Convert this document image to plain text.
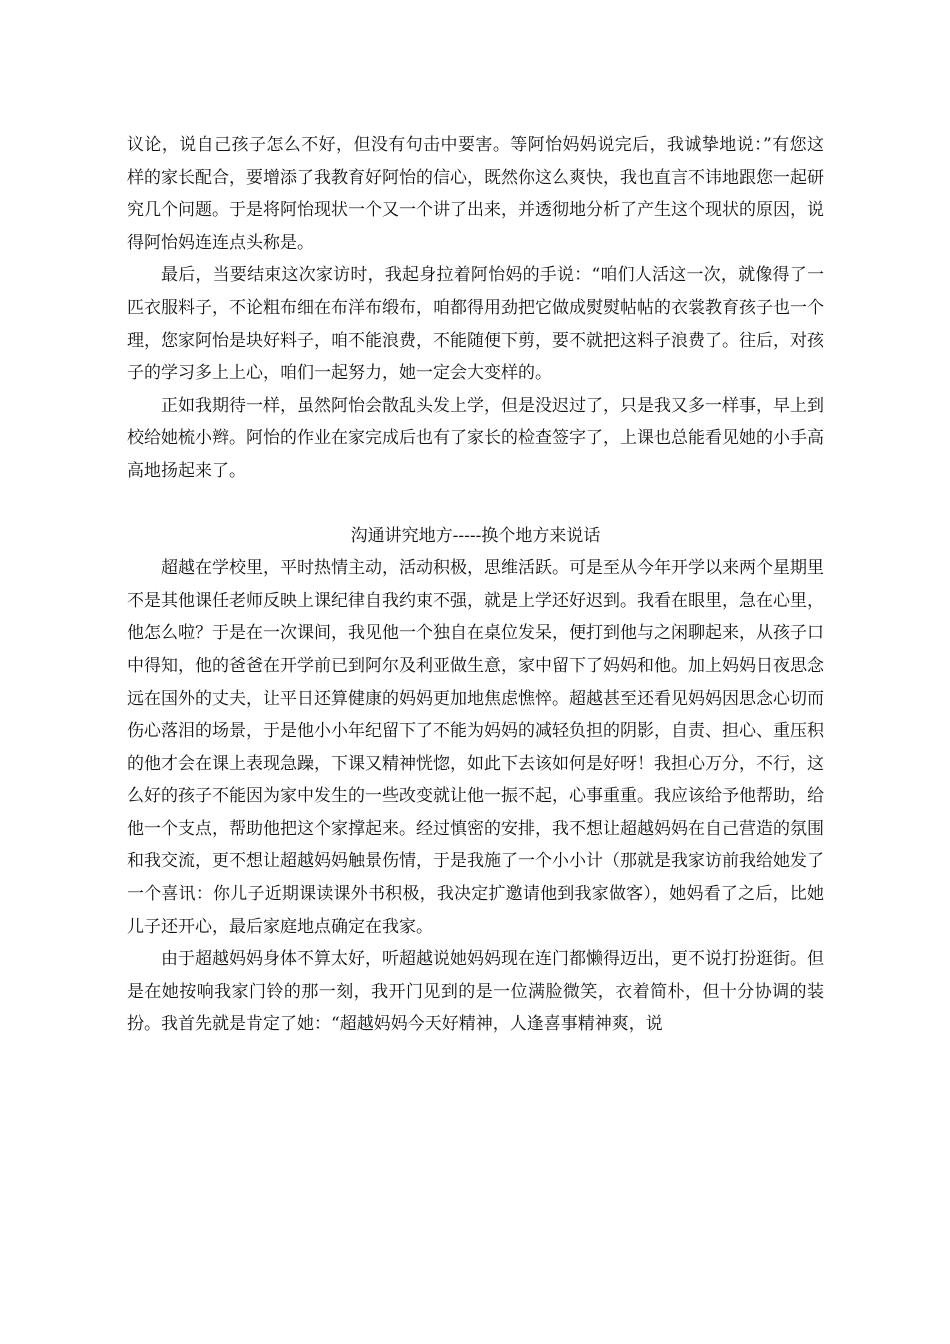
议论，说自己孩子怎么不好，但没有句击中要害。等阿怡妈妈说完后，我诚挚地说：”有您这样的家长配合，要增添了我教育好阿怡的信心，既然你这么爽快，我也直言不讳地跟您一起研究几个问题。于是将阿怡现状一个又一个讲了出来，并透彻地分析了产生这个现状的原因，说得阿怡妈连连点头称是。

最后，当要结束这次家访时，我起身拉着阿怡妈的手说：“咱们人活这一次，就像得了一匹衣服料子，不论粗布细在布洋布缎布，咱都得用劲把它做成熨熨帖帖的衣裳教育孩子也一个理，您家阿怡是块好料子，咱不能浪费，不能随便下剪，要不就把这料子浪费了。往后，对孩子的学习多上上心，咱们一起努力，她一定会大变样的。

正如我期待一样，虽然阿怡会散乱头发上学，但是没迟过了，只是我又多一样事，早上到校给她梳小辫。阿怡的作业在家完成后也有了家长的检查签字了，上课也总能看见她的小手高高地扬起来了。

沟通讲究地方-----换个地方来说话

超越在学校里，平时热情主动，活动积极，思维活跃。可是至从今年开学以来两个星期里不是其他课任老师反映上课纪律自我约束不强，就是上学还好迟到。我看在眼里，急在心里，他怎么啦？于是在一次课间，我见他一个独自在桌位发呆，便打到他与之闲聊起来，从孩子口中得知，他的爸爸在开学前已到阿尔及利亚做生意，家中留下了妈妈和他。加上妈妈日夜思念远在国外的丈夫，让平日还算健康的妈妈更加地焦虑憔悴。超越甚至还看见妈妈因思念心切而伤心落泪的场景，于是他小小年纪留下了不能为妈妈的减轻负担的阴影，自责、担心、重压积的他才会在课上表现急躁，下课又精神恍惚，如此下去该如何是好呀！我担心万分，不行，这么好的孩子不能因为家中发生的一些改变就让他一振不起，心事重重。我应该给予他帮助，给他一个支点，帮助他把这个家撑起来。经过慎密的安排，我不想让超越妈妈在自己营造的氛围和我交流，更不想让超越妈妈触景伤情，于是我施了一个小小计（那就是我家访前我给她发了一个喜讯：你儿子近期课读课外书积极，我决定扩邀请他到我家做客），她妈看了之后，比她儿子还开心，最后家庭地点确定在我家。

由于超越妈妈身体不算太好，听超越说她妈妈现在连门都懒得迈出，更不说打扮逛街。但是在她按响我家门铃的那一刻，我开门见到的是一位满脸微笑，衣着简朴，但十分协调的装扮。我首先就是肯定了她：“超越妈妈今天好精神，人逢喜事精神爽，说
